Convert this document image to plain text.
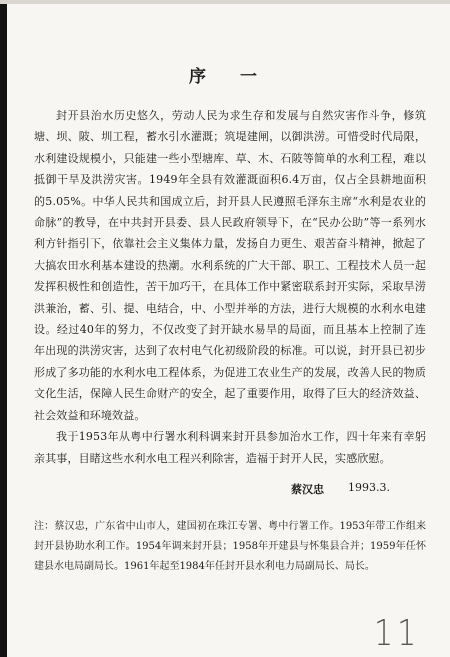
序 一

封开县治水历史悠久，劳动人民为求生存和发展与自然灾害作斗争，修筑塘、坝、陂、圳工程，蓄水引水灌溉；筑堤建闸，以御洪涝。可惜受时代局限，水利建设规模小，只能建一些小型塘库、草、木、石陂等简单的水利工程，难以抵御干旱及洪涝灾害。1949年全县有效灌溉面积6.4万亩，仅占全县耕地面积的5.05%。中华人民共和国成立后，封开县人民遵照毛泽东主席“水利是农业的命脉”的教导，在中共封开县委、县人民政府领导下，在“民办公助”等一系列水利方针指引下，依靠社会主义集体力量，发扬自力更生、艰苦奋斗精神，掀起了大搞农田水利基本建设的热潮。水利系统的广大干部、职工、工程技术人员一起发挥积极性和创造性，苦干加巧干，在具体工作中紧密联系封开实际，采取旱涝洪兼治，蓄、引、提、电结合，中、小型并举的方法，进行大规模的水利水电建设。经过40年的努力，不仅改变了封开缺水易旱的局面，而且基本上控制了连年出现的洪涝灾害，达到了农村电气化初级阶段的标准。可以说，封开县已初步形成了多功能的水利水电工程体系，为促进工农业生产的发展，改善人民的物质文化生活，保障人民生命财产的安全，起了重要作用，取得了巨大的经济效益、社会效益和环境效益。

我于1953年从粤中行署水利科调来封开县参加治水工作，四十年来有幸躬亲其事，目睹这些水利水电工程兴利除害，造福于封开人民，实感欣慰。

蔡汉忠 1993.3.

注：蔡汉忠，广东省中山市人，建国初在珠江专署、粤中行署工作。1953年带工作组来封开县协助水利工作。1954年调来封开县；1958年开建县与怀集县合并；1959年任怀建县水电局副局长。1961年起至1984年任封开县水利电力局副局长、局长。

11
